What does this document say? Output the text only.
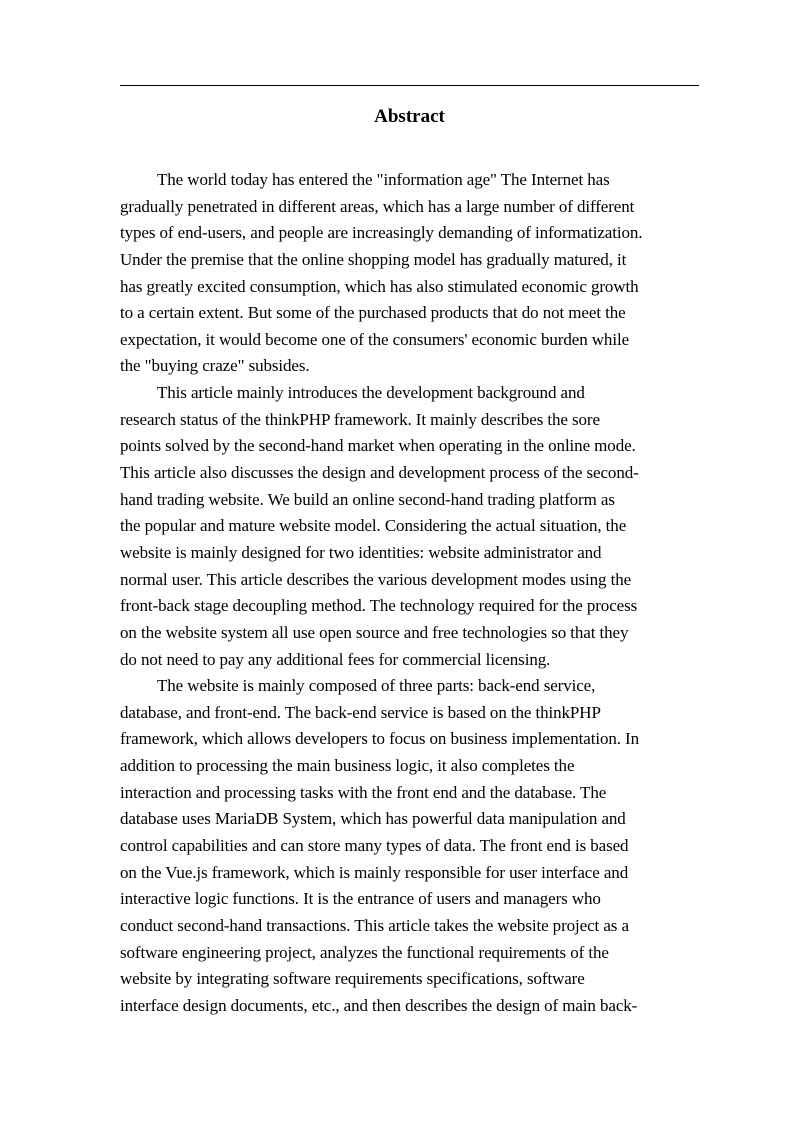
Abstract
The world today has entered the "information age" The Internet has
gradually penetrated in different areas, which has a large number of different
types of end-users, and people are increasingly demanding of informatization.
Under the premise that the online shopping model has gradually matured, it
has greatly excited consumption, which has also stimulated economic growth
to a certain extent. But some of the purchased products that do not meet the
expectation, it would become one of the consumers' economic burden while
the "buying craze" subsides.
This article mainly introduces the development background and
research status of the thinkPHP framework. It mainly describes the sore
points solved by the second-hand market when operating in the online mode.
This article also discusses the design and development process of the second-
hand trading website. We build an online second-hand trading platform as
the popular and mature website model. Considering the actual situation, the
website is mainly designed for two identities: website administrator and
normal user. This article describes the various development modes using the
front-back stage decoupling method. The technology required for the process
on the website system all use open source and free technologies so that they
do not need to pay any additional fees for commercial licensing.
The website is mainly composed of three parts: back-end service,
database, and front-end. The back-end service is based on the thinkPHP
framework, which allows developers to focus on business implementation. In
addition to processing the main business logic, it also completes the
interaction and processing tasks with the front end and the database. The
database uses MariaDB System, which has powerful data manipulation and
control capabilities and can store many types of data. The front end is based
on the Vue.js framework, which is mainly responsible for user interface and
interactive logic functions. It is the entrance of users and managers who
conduct second-hand transactions. This article takes the website project as a
software engineering project, analyzes the functional requirements of the
website by integrating software requirements specifications, software
interface design documents, etc., and then describes the design of main back-
